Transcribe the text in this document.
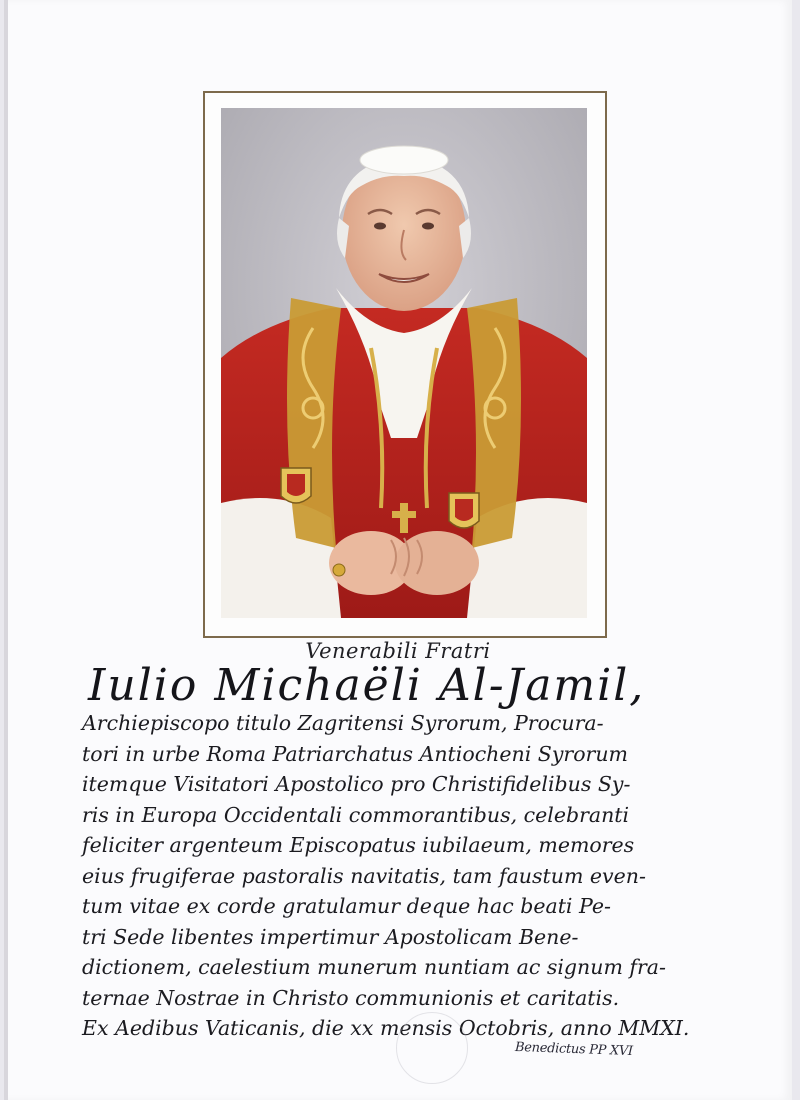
Venerabili Fratri
Iulio Michaëli Al-Jamil,
Archiepiscopo titulo Zagritensi Syrorum, Procura-
tori in urbe Roma Patriarchatus Antiocheni Syrorum
itemque Visitatori Apostolico pro Christifidelibus Sy-
ris in Europa Occidentali commorantibus, celebranti
feliciter argenteum Episcopatus iubilaeum, memores
eius frugiferae pastoralis navitatis, tam faustum even-
tum vitae ex corde gratulamur deque hac beati Pe-
tri Sede libentes impertimur Apostolicam Bene-
dictionem, caelestium munerum nuntiam ac signum fra-
ternae Nostrae in Christo communionis et caritatis.
Ex Aedibus Vaticanis, die xx mensis Octobris, anno MMXI.
Benedictus PP XVI
